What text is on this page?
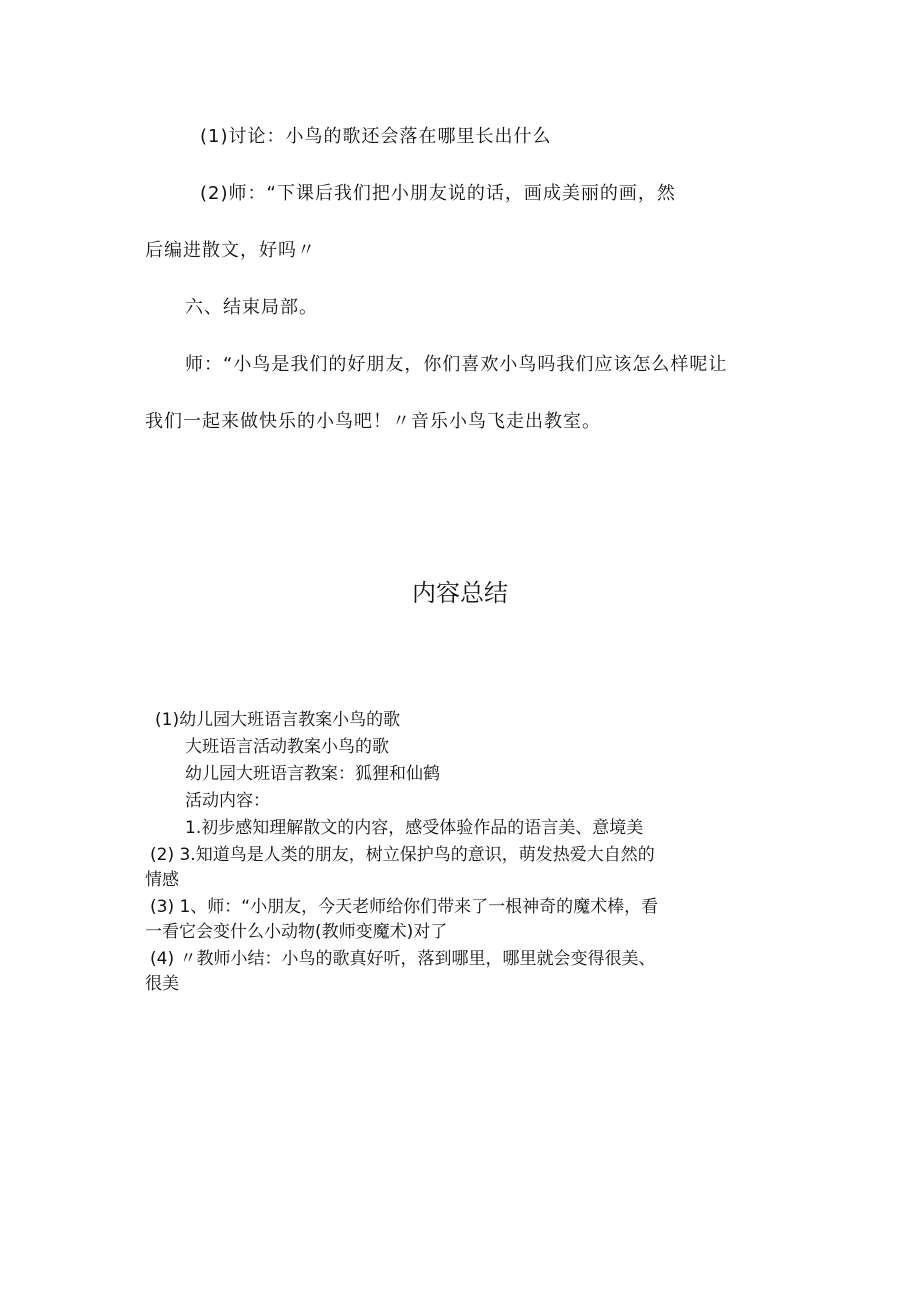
(1)讨论：小鸟的歌还会落在哪里长出什么
(2)师：“下课后我们把小朋友说的话，画成美丽的画，然
后编进散文，好吗〃
六、结束局部。
师：“小鸟是我们的好朋友，你们喜欢小鸟吗我们应该怎么样呢让
我们一起来做快乐的小鸟吧！〃音乐小鸟飞走出教室。
内容总结
(1)幼儿园大班语言教案小鸟的歌
大班语言活动教案小鸟的歌
幼儿园大班语言教案：狐狸和仙鹤
活动内容：
1.初步感知理解散文的内容，感受体验作品的语言美、意境美
(2) 3.知道鸟是人类的朋友，树立保护鸟的意识，萌发热爱大自然的
情感
(3) 1、师：“小朋友，今天老师给你们带来了一根神奇的魔术棒，看
一看它会变什么小动物(教师变魔术)对了
(4) 〃教师小结：小鸟的歌真好听，落到哪里，哪里就会变得很美、
很美
